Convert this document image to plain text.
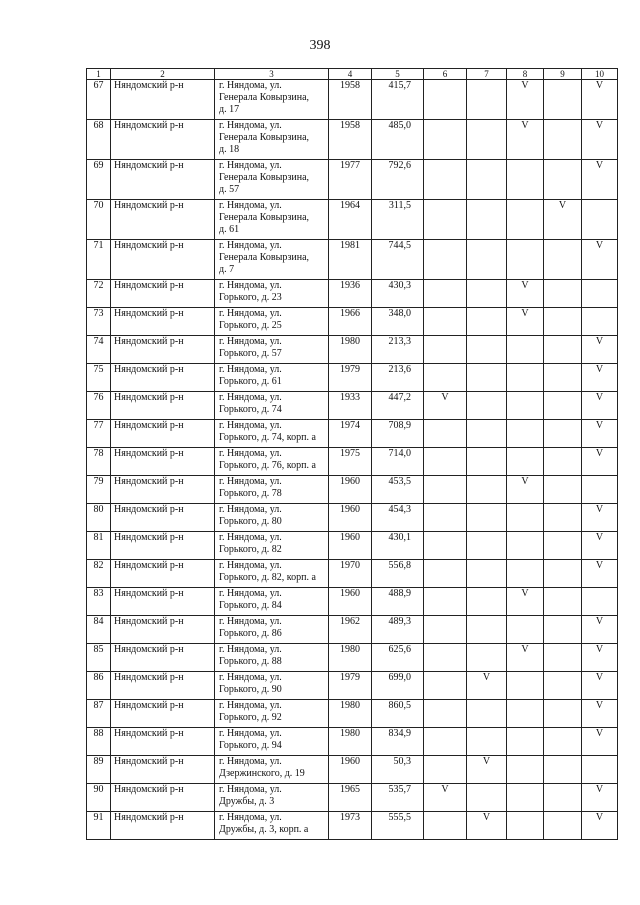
398
1	2	3	4	5	6	7	8	9	10
67	Няндомский р-н	г. Няндома, ул.
Генерала Ковырзина,
д. 17	1958	415,7			V		V
68	Няндомский р-н	г. Няндома, ул.
Генерала Ковырзина,
д. 18	1958	485,0			V		V
69	Няндомский р-н	г. Няндома, ул.
Генерала Ковырзина,
д. 57	1977	792,6					V
70	Няндомский р-н	г. Няндома, ул.
Генерала Ковырзина,
д. 61	1964	311,5				V	
71	Няндомский р-н	г. Няндома, ул.
Генерала Ковырзина,
д. 7	1981	744,5					V
72	Няндомский р-н	г. Няндома, ул.
Горького, д. 23	1936	430,3			V		
73	Няндомский р-н	г. Няндома, ул.
Горького, д. 25	1966	348,0			V		
74	Няндомский р-н	г. Няндома, ул.
Горького, д. 57	1980	213,3					V
75	Няндомский р-н	г. Няндома, ул.
Горького, д. 61	1979	213,6					V
76	Няндомский р-н	г. Няндома, ул.
Горького, д. 74	1933	447,2	V				V
77	Няндомский р-н	г. Няндома, ул.
Горького, д. 74, корп. а	1974	708,9					V
78	Няндомский р-н	г. Няндома, ул.
Горького, д. 76, корп. а	1975	714,0					V
79	Няндомский р-н	г. Няндома, ул.
Горького, д. 78	1960	453,5			V		
80	Няндомский р-н	г. Няндома, ул.
Горького, д. 80	1960	454,3					V
81	Няндомский р-н	г. Няндома, ул.
Горького, д. 82	1960	430,1					V
82	Няндомский р-н	г. Няндома, ул.
Горького, д. 82, корп. а	1970	556,8					V
83	Няндомский р-н	г. Няндома, ул.
Горького, д. 84	1960	488,9			V		
84	Няндомский р-н	г. Няндома, ул.
Горького, д. 86	1962	489,3					V
85	Няндомский р-н	г. Няндома, ул.
Горького, д. 88	1980	625,6			V		V
86	Няндомский р-н	г. Няндома, ул.
Горького, д. 90	1979	699,0		V			V
87	Няндомский р-н	г. Няндома, ул.
Горького, д. 92	1980	860,5					V
88	Няндомский р-н	г. Няндома, ул.
Горького, д. 94	1980	834,9					V
89	Няндомский р-н	г. Няндома, ул.
Дзержинского, д. 19	1960	50,3		V			
90	Няндомский р-н	г. Няндома, ул.
Дружбы, д. 3	1965	535,7	V				V
91	Няндомский р-н	г. Няндома, ул.
Дружбы, д. 3, корп. а	1973	555,5		V			V
